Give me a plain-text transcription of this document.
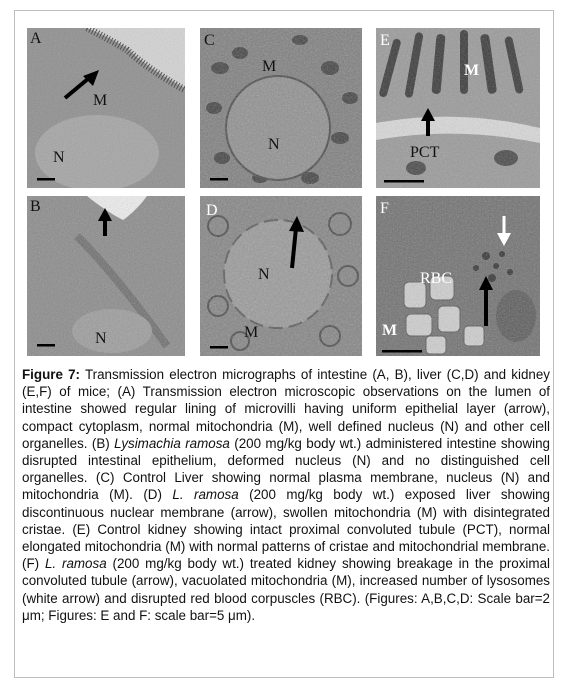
A
M
N
B
N
C
M
N
D
N
M
E
M
PCT
F
RBC
M
Figure 7: Transmission electron micrographs of intestine (A, B), liver (C,D) and kidney (E,F) of mice; (A) Transmission electron microscopic observations on the lumen of intestine showed regular lining of microvilli having uniform epithelial layer (arrow), compact cytoplasm, normal mitochondria (M), well defined nucleus (N) and other cell organelles. (B) Lysimachia ramosa (200 mg/kg body wt.) administered intestine showing disrupted intestinal epithelium, deformed nucleus (N) and no distinguished cell organelles. (C) Control Liver showing normal plasma membrane, nucleus (N) and mitochondria (M). (D) L. ramosa (200 mg/kg body wt.) exposed liver showing discontinuous nuclear membrane (arrow), swollen mitochondria (M) with disintegrated cristae. (E) Control kidney showing intact proximal convoluted tubule (PCT), normal elongated mitochondria (M) with normal patterns of cristae and mitochondrial membrane. (F) L. ramosa (200 mg/kg body wt.) treated kidney showing breakage in the proximal convoluted tubule (arrow), vacuolated mitochondria (M), increased number of lysosomes (white arrow) and disrupted red blood corpuscles (RBC). (Figures: A,B,C,D: Scale bar=2 μm; Figures: E and F: scale bar=5 μm).
